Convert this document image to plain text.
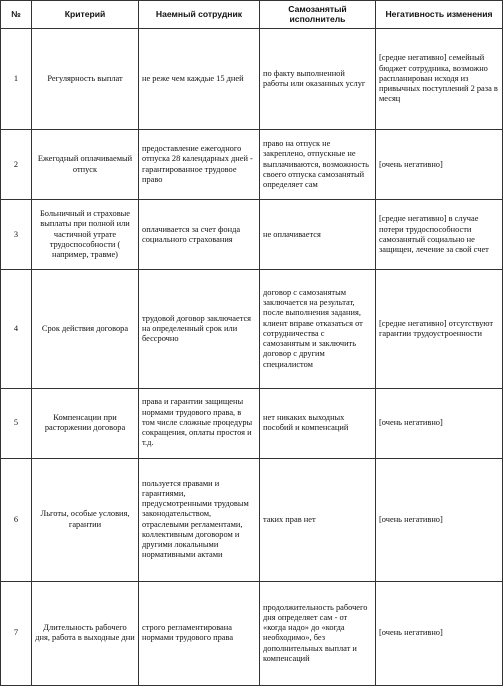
№	Критерий	Наемный сотрудник	Самозанятый исполнитель	Негативность изменения
1	Регулярность выплат	не реже чем каждые 15 дней	по факту выполненной работы или оказанных услуг	[средне негативно] семейный бюджет сотрудника, возможно распланирован исходя из привычных поступлений 2 раза в месяц
2	Ежегодный оплачиваемый отпуск	предоставление ежегодного отпуска 28 календарных дней - гарантированное трудовое право	право на отпуск не закреплено, отпускные не выплачиваются, возможность своего отпуска самозанятый определяет сам	[очень негативно]
3	Больничный и страховые выплаты при полной или частичной утрате трудоспособности ( например, травме)	оплачивается за счет фонда социального страхования	не оплачивается	[средне негативно] в случае потери трудоспособности самозанятый социально не защищен, лечение за свой счет
4	Срок действия договора	трудовой договор заключается на определенный срок или бессрочно	договор с самозанятым заключается на результат, после выполнения задания, клиент вправе отказаться от сотрудничества с самозанятым и заключить договор с другим специалистом	[средне негативно] отсутствуют гарантии трудоустроенности
5	Компенсации при расторжении договора	права и гарантии защищены нормами трудового права, в том числе сложные процедуры сокращения, оплаты простоя и т.д.	нет никаких выходных пособий и компенсаций	[очень негативно]
6	Льготы, особые условия, гарантии	пользуется правами и гарантиями, предусмотренными трудовым законодательством, отраслевыми регламентами, коллективным договором и другими локальными нормативными актами	таких прав нет	[очень негативно]
7	Длительность рабочего дня, работа в выходные дни	строго регламентирована нормами трудового права	продолжительность рабочего дня определяет сам - от «когда надо» до «когда необходимо», без дополнительных выплат и компенсаций	[очень негативно]
